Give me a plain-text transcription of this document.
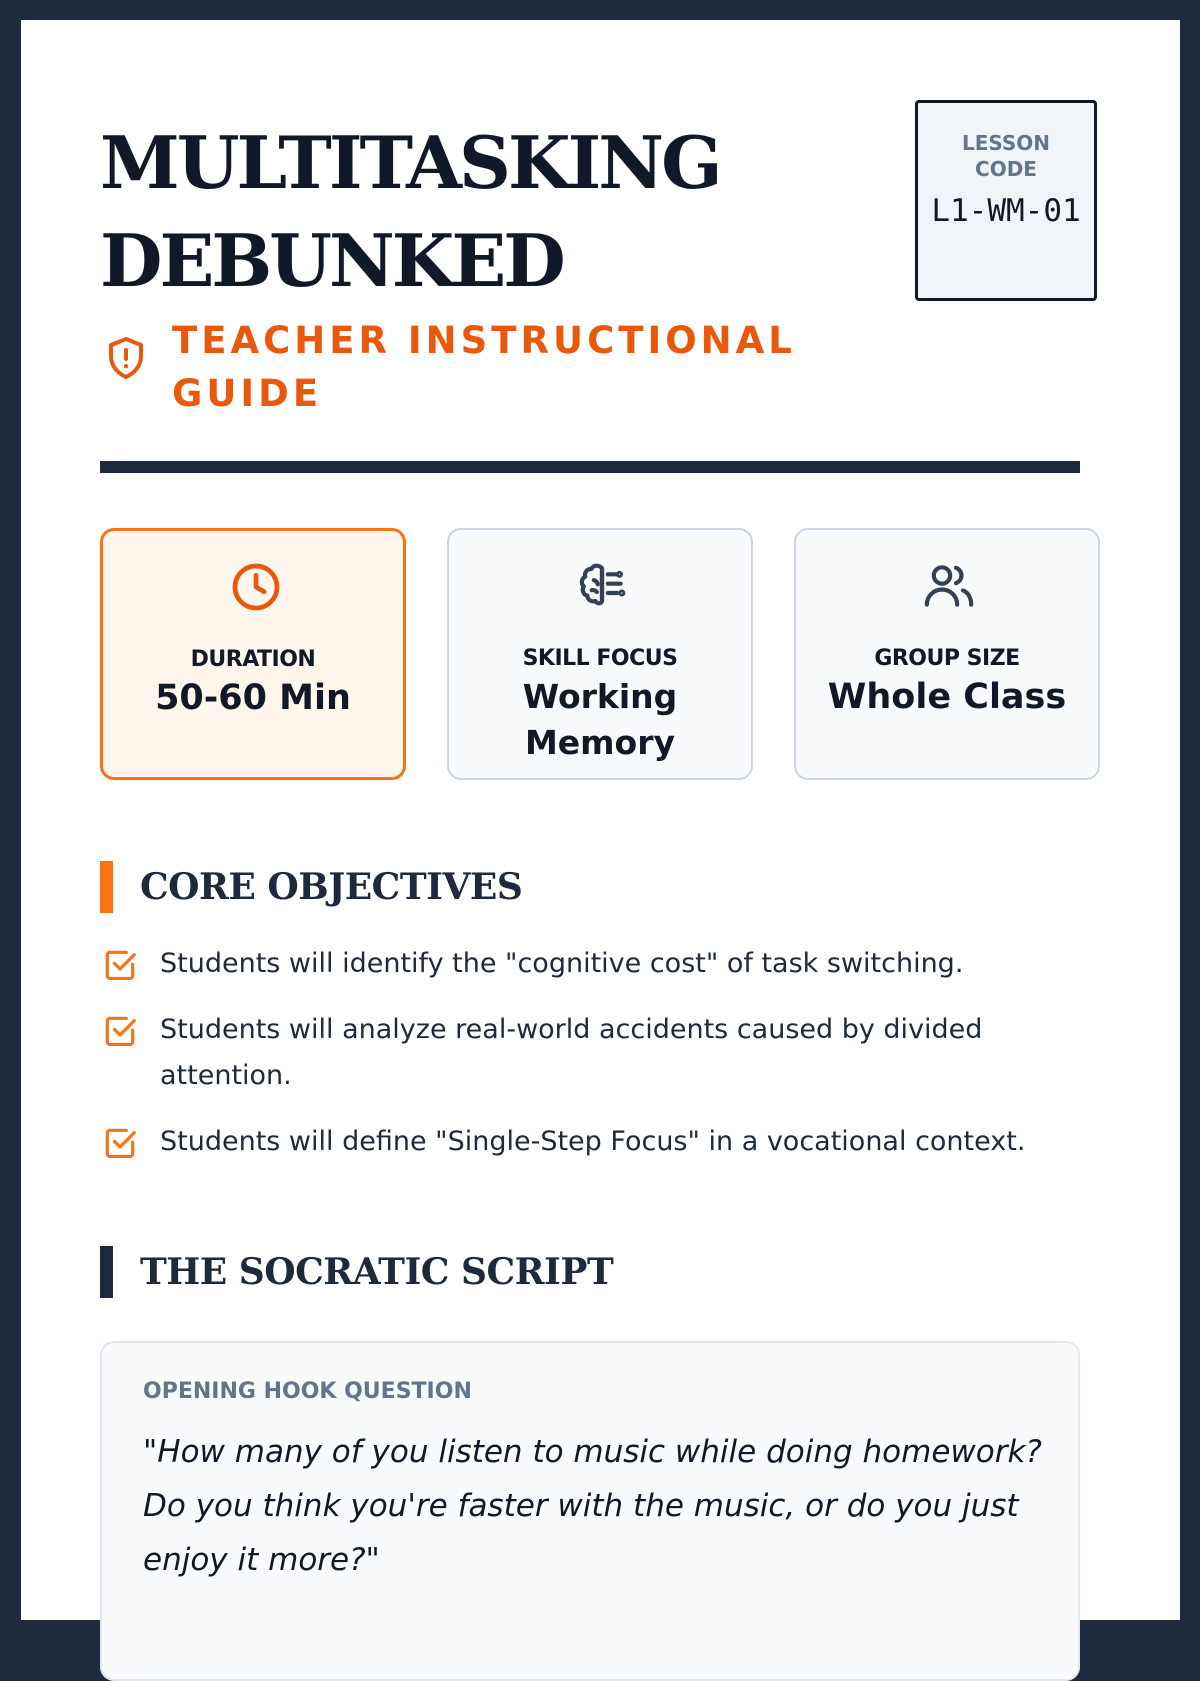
MULTITASKING DEBUNKED
TEACHER INSTRUCTIONAL GUIDE
LESSON CODE
L1-WM-01
DURATION
50-60 Min
SKILL FOCUS
Working Memory
GROUP SIZE
Whole Class
CORE OBJECTIVES
Students will identify the "cognitive cost" of task switching.
Students will analyze real-world accidents caused by divided attention.
Students will define "Single-Step Focus" in a vocational context.
THE SOCRATIC SCRIPT
OPENING HOOK QUESTION
"How many of you listen to music while doing homework? Do you think you're faster with the music, or do you just enjoy it more?"
